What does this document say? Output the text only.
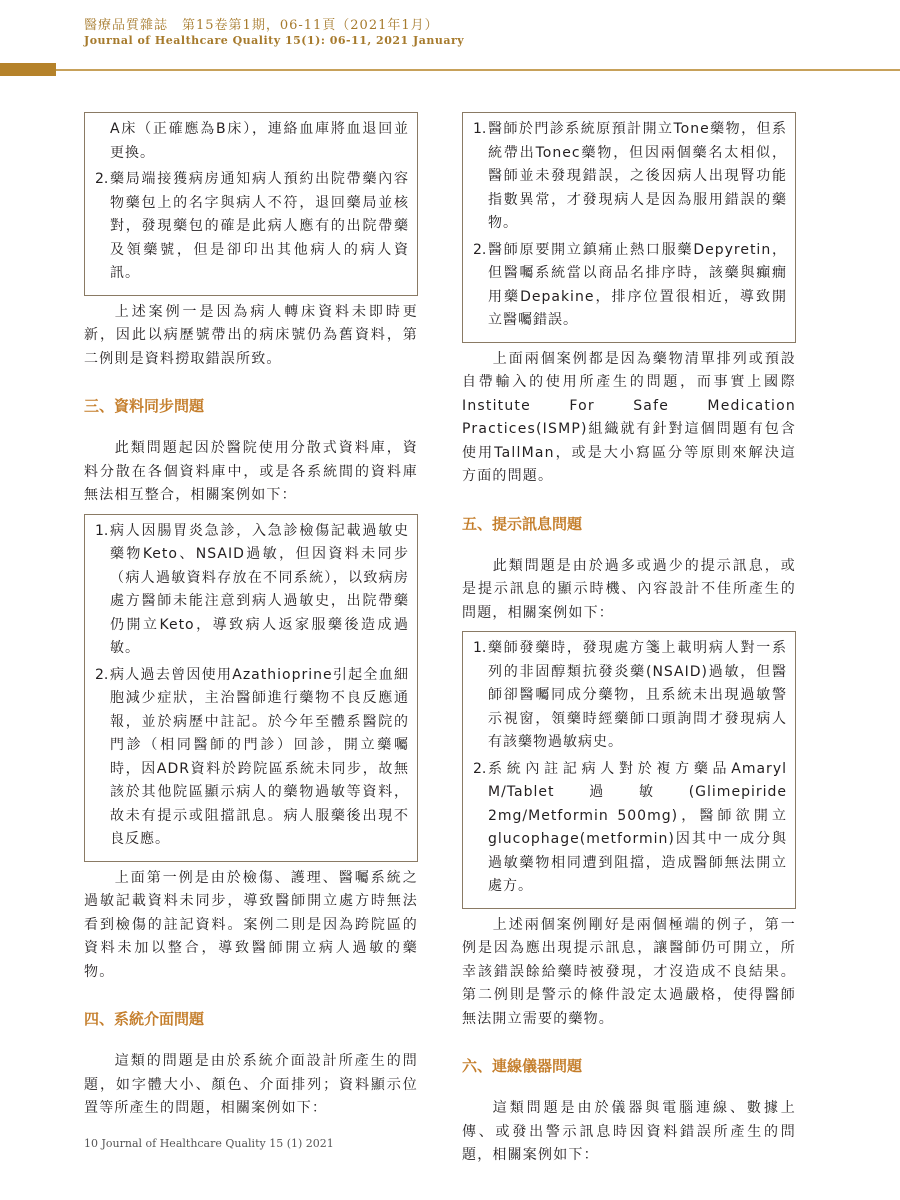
醫療品質雜誌　第15卷第1期，06-11頁（2021年1月）

Journal of Healthcare Quality 15(1): 06-11, 2021 January

A床（正確應為B床），連絡血庫將血退回並更換。
2. 藥局端接獲病房通知病人預約出院帶藥內容物藥包上的名字與病人不符，退回藥局並核對，發現藥包的確是此病人應有的出院帶藥及領藥號，但是卻印出其他病人的病人資訊。

上述案例一是因為病人轉床資料未即時更新，因此以病歷號帶出的病床號仍為舊資料，第二例則是資料撈取錯誤所致。

三、資料同步問題

此類問題起因於醫院使用分散式資料庫，資料分散在各個資料庫中，或是各系統間的資料庫無法相互整合，相關案例如下：

1. 病人因腸胃炎急診，入急診檢傷記載過敏史藥物Keto、NSAID過敏，但因資料未同步（病人過敏資料存放在不同系統），以致病房處方醫師未能注意到病人過敏史，出院帶藥仍開立Keto，導致病人返家服藥後造成過敏。
2. 病人過去曾因使用Azathioprine引起全血細胞減少症狀，主治醫師進行藥物不良反應通報，並於病歷中註記。於今年至體系醫院的門診（相同醫師的門診）回診，開立藥囑時，因ADR資料於跨院區系統未同步，故無該於其他院區顯示病人的藥物過敏等資料，故未有提示或阻擋訊息。病人服藥後出現不良反應。

上面第一例是由於檢傷、護理、醫囑系統之過敏記載資料未同步，導致醫師開立處方時無法看到檢傷的註記資料。案例二則是因為跨院區的資料未加以整合，導致醫師開立病人過敏的藥物。

四、系統介面問題

這類的問題是由於系統介面設計所產生的問題，如字體大小、顏色、介面排列；資料顯示位置等所產生的問題，相關案例如下：

1. 醫師於門診系統原預計開立Tone藥物，但系統帶出Tonec藥物，但因兩個藥名太相似，醫師並未發現錯誤，之後因病人出現腎功能指數異常，才發現病人是因為服用錯誤的藥物。
2. 醫師原要開立鎮痛止熱口服藥Depyretin，但醫囑系統當以商品名排序時，該藥與癲癇用藥Depakine，排序位置很相近，導致開立醫囑錯誤。

上面兩個案例都是因為藥物清單排列或預設自帶輸入的使用所產生的問題，而事實上國際Institute For Safe Medication Practices(ISMP)組織就有針對這個問題有包含使用TallMan，或是大小寫區分等原則來解決這方面的問題。

五、提示訊息問題

此類問題是由於過多或過少的提示訊息，或是提示訊息的顯示時機、內容設計不佳所產生的問題，相關案例如下：

1. 藥師發藥時，發現處方箋上載明病人對一系列的非固醇類抗發炎藥(NSAID)過敏，但醫師卻醫囑同成分藥物，且系統未出現過敏警示視窗，領藥時經藥師口頭詢問才發現病人有該藥物過敏病史。
2. 系統內註記病人對於複方藥品Amaryl M/Tablet過敏(Glimepiride 2mg/Metformin 500mg)，醫師欲開立glucophage(metformin)因其中一成分與過敏藥物相同遭到阻擋，造成醫師無法開立處方。

上述兩個案例剛好是兩個極端的例子，第一例是因為應出現提示訊息，讓醫師仍可開立，所幸該錯誤餘給藥時被發現，才沒造成不良結果。第二例則是警示的條件設定太過嚴格，使得醫師無法開立需要的藥物。

六、連線儀器問題

這類問題是由於儀器與電腦連線、數據上傳、或發出警示訊息時因資料錯誤所產生的問題，相關案例如下：

10 Journal of Healthcare Quality 15 (1) 2021
